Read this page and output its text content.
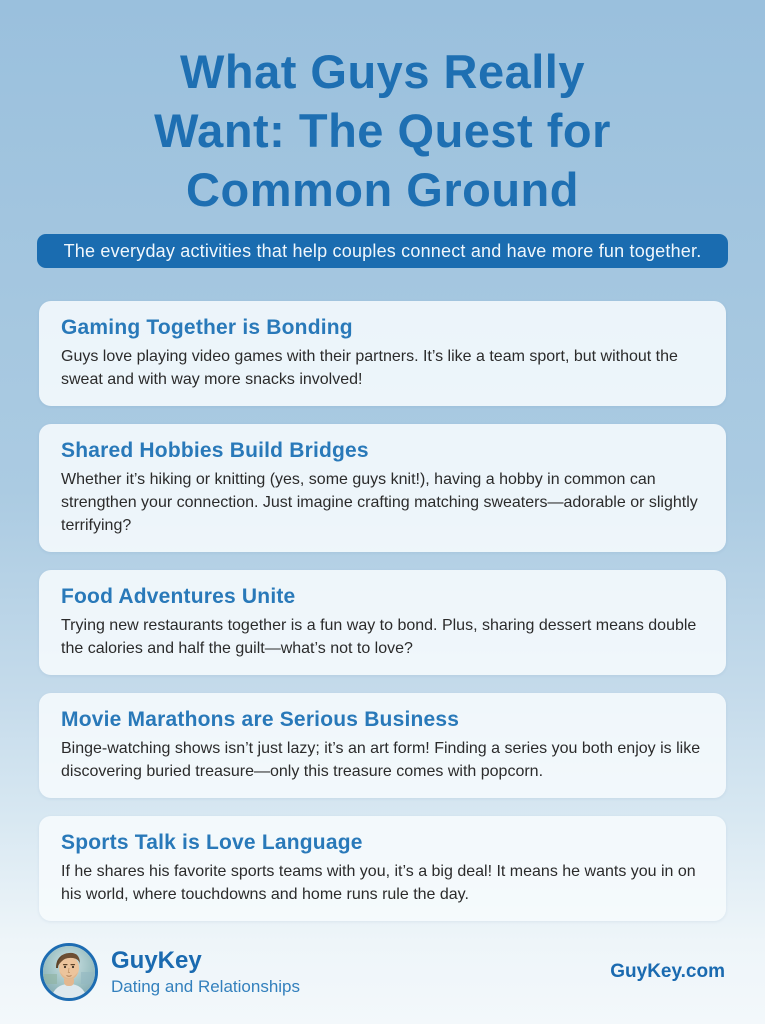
What Guys Really
Want: The Quest for
Common Ground
The everyday activities that help couples connect and have more fun together.
Gaming Together is Bonding

Guys love playing video games with their partners. It’s like a team sport, but without the sweat and with way more snacks involved!

Shared Hobbies Build Bridges

Whether it’s hiking or knitting (yes, some guys knit!), having a hobby in common can strengthen your connection. Just imagine crafting matching sweaters—adorable or slightly terrifying?

Food Adventures Unite

Trying new restaurants together is a fun way to bond. Plus, sharing dessert means double the calories and half the guilt—what’s not to love?

Movie Marathons are Serious Business

Binge-watching shows isn’t just lazy; it’s an art form! Finding a series you both enjoy is like discovering buried treasure—only this treasure comes with popcorn.

Sports Talk is Love Language

If he shares his favorite sports teams with you, it’s a big deal! It means he wants you in on his world, where touchdowns and home runs rule the day.

GuyKey
Dating and Relationships
GuyKey.com
